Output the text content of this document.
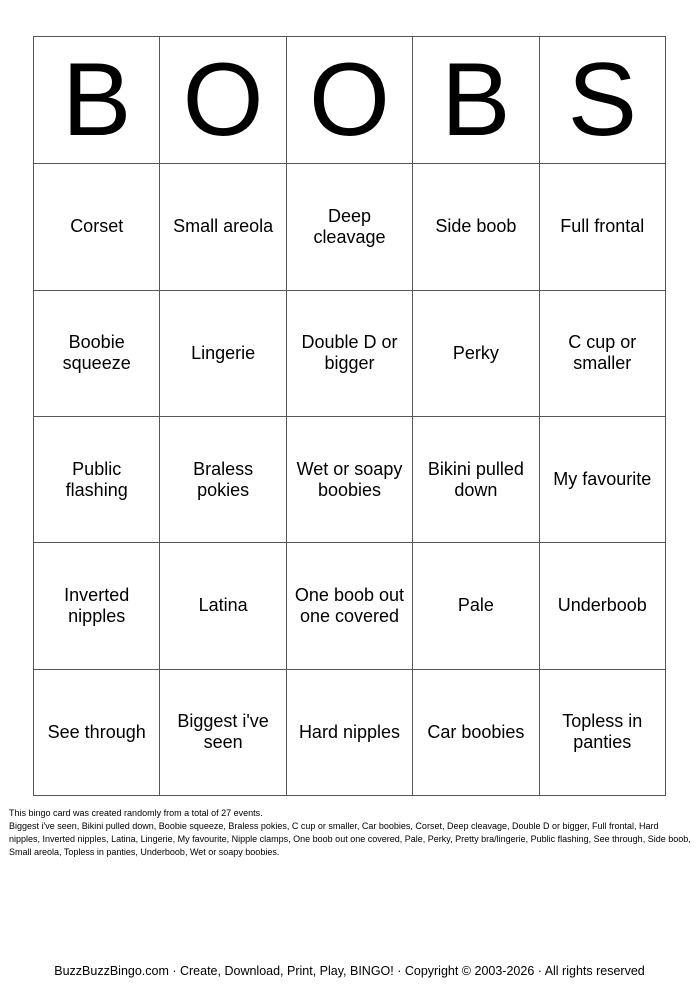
B	O	O	B	S
Corset	Small areola	Deep cleavage	Side boob	Full frontal
Boobie squeeze	Lingerie	Double D or bigger	Perky	C cup or smaller
Public flashing	Braless pokies	Wet or soapy boobies	Bikini pulled down	My favourite
Inverted nipples	Latina	One boob out one covered	Pale	Underboob
See through	Biggest i've seen	Hard nipples	Car boobies	Topless in panties

This bingo card was created randomly from a total of 27 events.

Biggest i've seen, Bikini pulled down, Boobie squeeze, Braless pokies, C cup or smaller, Car boobies, Corset, Deep cleavage, Double D or bigger, Full frontal, Hard nipples, Inverted nipples, Latina, Lingerie, My favourite, Nipple clamps, One boob out one covered, Pale, Perky, Pretty bra/lingerie, Public flashing, See through, Side boob, Small areola, Topless in panties, Underboob, Wet or soapy boobies.

BuzzBuzzBingo.com · Create, Download, Print, Play, BINGO! · Copyright © 2003-2026 · All rights reserved
